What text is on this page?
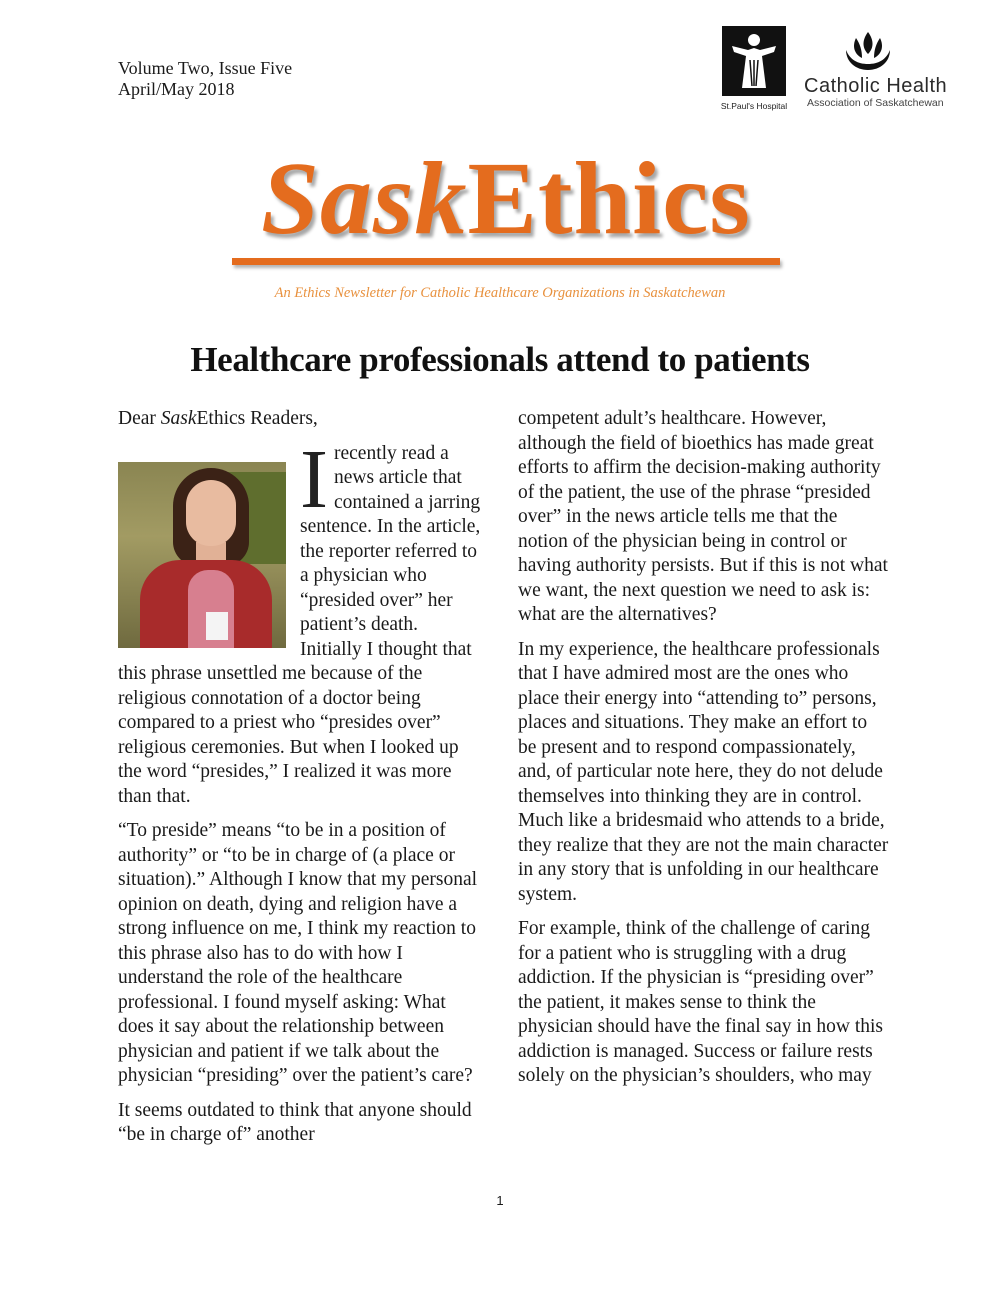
Volume Two, Issue Five
April/May 2018
St.Paul's Hospital
Catholic Health
Association of Saskatchewan
SaskEthics
An Ethics Newsletter for Catholic Healthcare Organizations in Saskatchewan
Healthcare professionals attend to patients

Dear SaskEthics Readers,

I recently read a news article that contained a jarring sentence. In the article, the reporter referred to a physician who “presided over” her patient’s death. Initially I thought that this phrase unsettled me because of the religious connotation of a doctor being compared to a priest who “presides over” religious ceremonies. But when I looked up the word “presides,” I realized it was more than that.

“To preside” means “to be in a position of authority” or “to be in charge of (a place or situation).” Although I know that my personal opinion on death, dying and religion have a strong influence on me, I think my reaction to this phrase also has to do with how I understand the role of the healthcare professional. I found myself asking: What does it say about the relationship between physician and patient if we talk about the physician “presiding” over the patient’s care?

It seems outdated to think that anyone should “be in charge of” another

competent adult’s healthcare. However, although the field of bioethics has made great efforts to affirm the decision-making authority of the patient, the use of the phrase “presided over” in the news article tells me that the notion of the physician being in control or having authority persists. But if this is not what we want, the next question we need to ask is: what are the alternatives?

In my experience, the healthcare professionals that I have admired most are the ones who place their energy into “attending to” persons, places and situations. They make an effort to be present and to respond compassionately, and, of particular note here, they do not delude themselves into thinking they are in control. Much like a bridesmaid who attends to a bride, they realize that they are not the main character in any story that is unfolding in our healthcare system.

For example, think of the challenge of caring for a patient who is struggling with a drug addiction. If the physician is “presiding over” the patient, it makes sense to think the physician should have the final say in how this addiction is managed. Success or failure rests solely on the physician’s shoulders, who may

1
